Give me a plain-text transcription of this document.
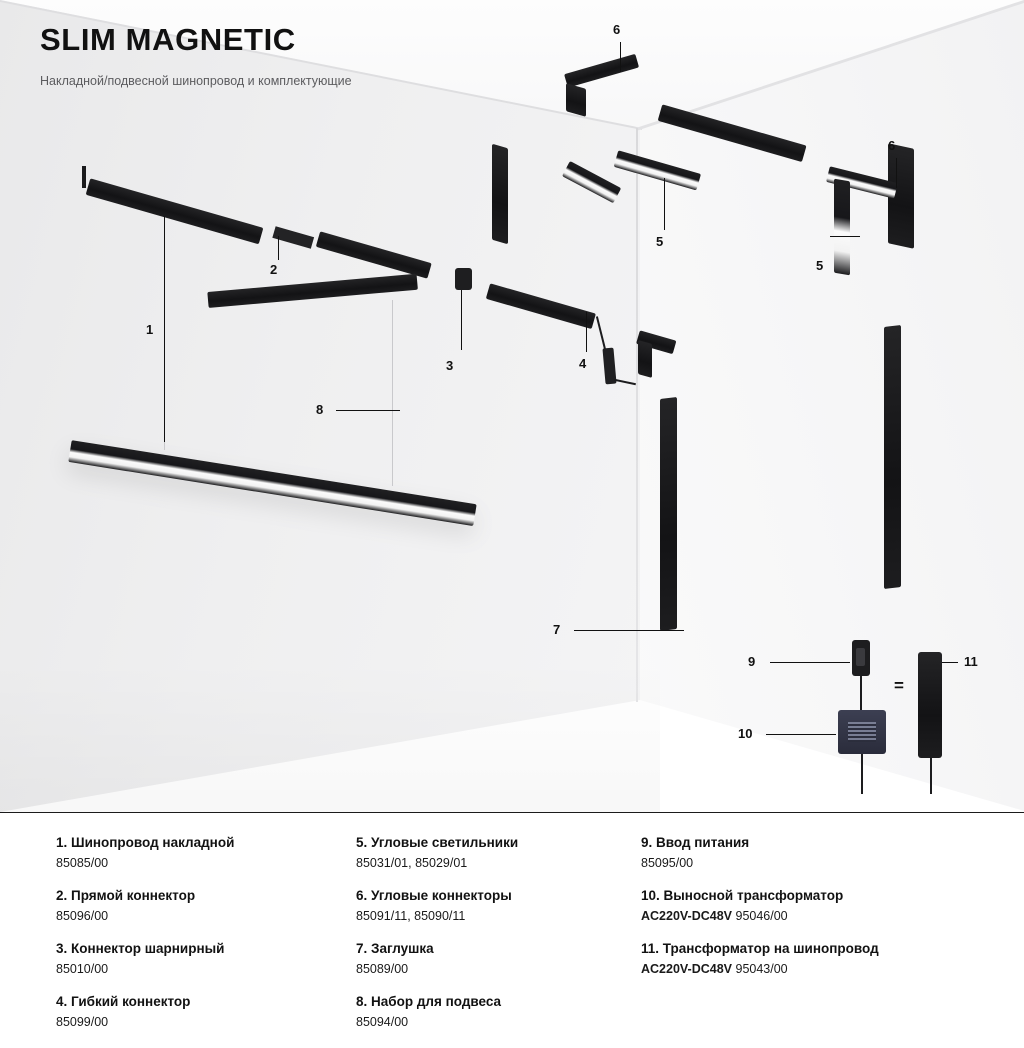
1
2
3	4
5
5
6
6
7
8
9
10
11
=
SLIM MAGNETIC
Накладной/подвесной шинопровод и комплектующие
1. Шинопровод накладной
85085/00
2. Прямой коннектор
85096/00
3. Коннектор шарнирный
85010/00
4. Гибкий коннектор
85099/00
5. Угловые светильники
85031/01, 85029/01
6. Угловые коннекторы
85091/11, 85090/11
7. Заглушка
85089/00
8. Набор для подвеса
85094/00
9. Ввод питания
85095/00
10. Выносной трансформатор
AC220V-DC48V 95046/00
11. Трансформатор на шинопровод
AC220V-DC48V 95043/00
